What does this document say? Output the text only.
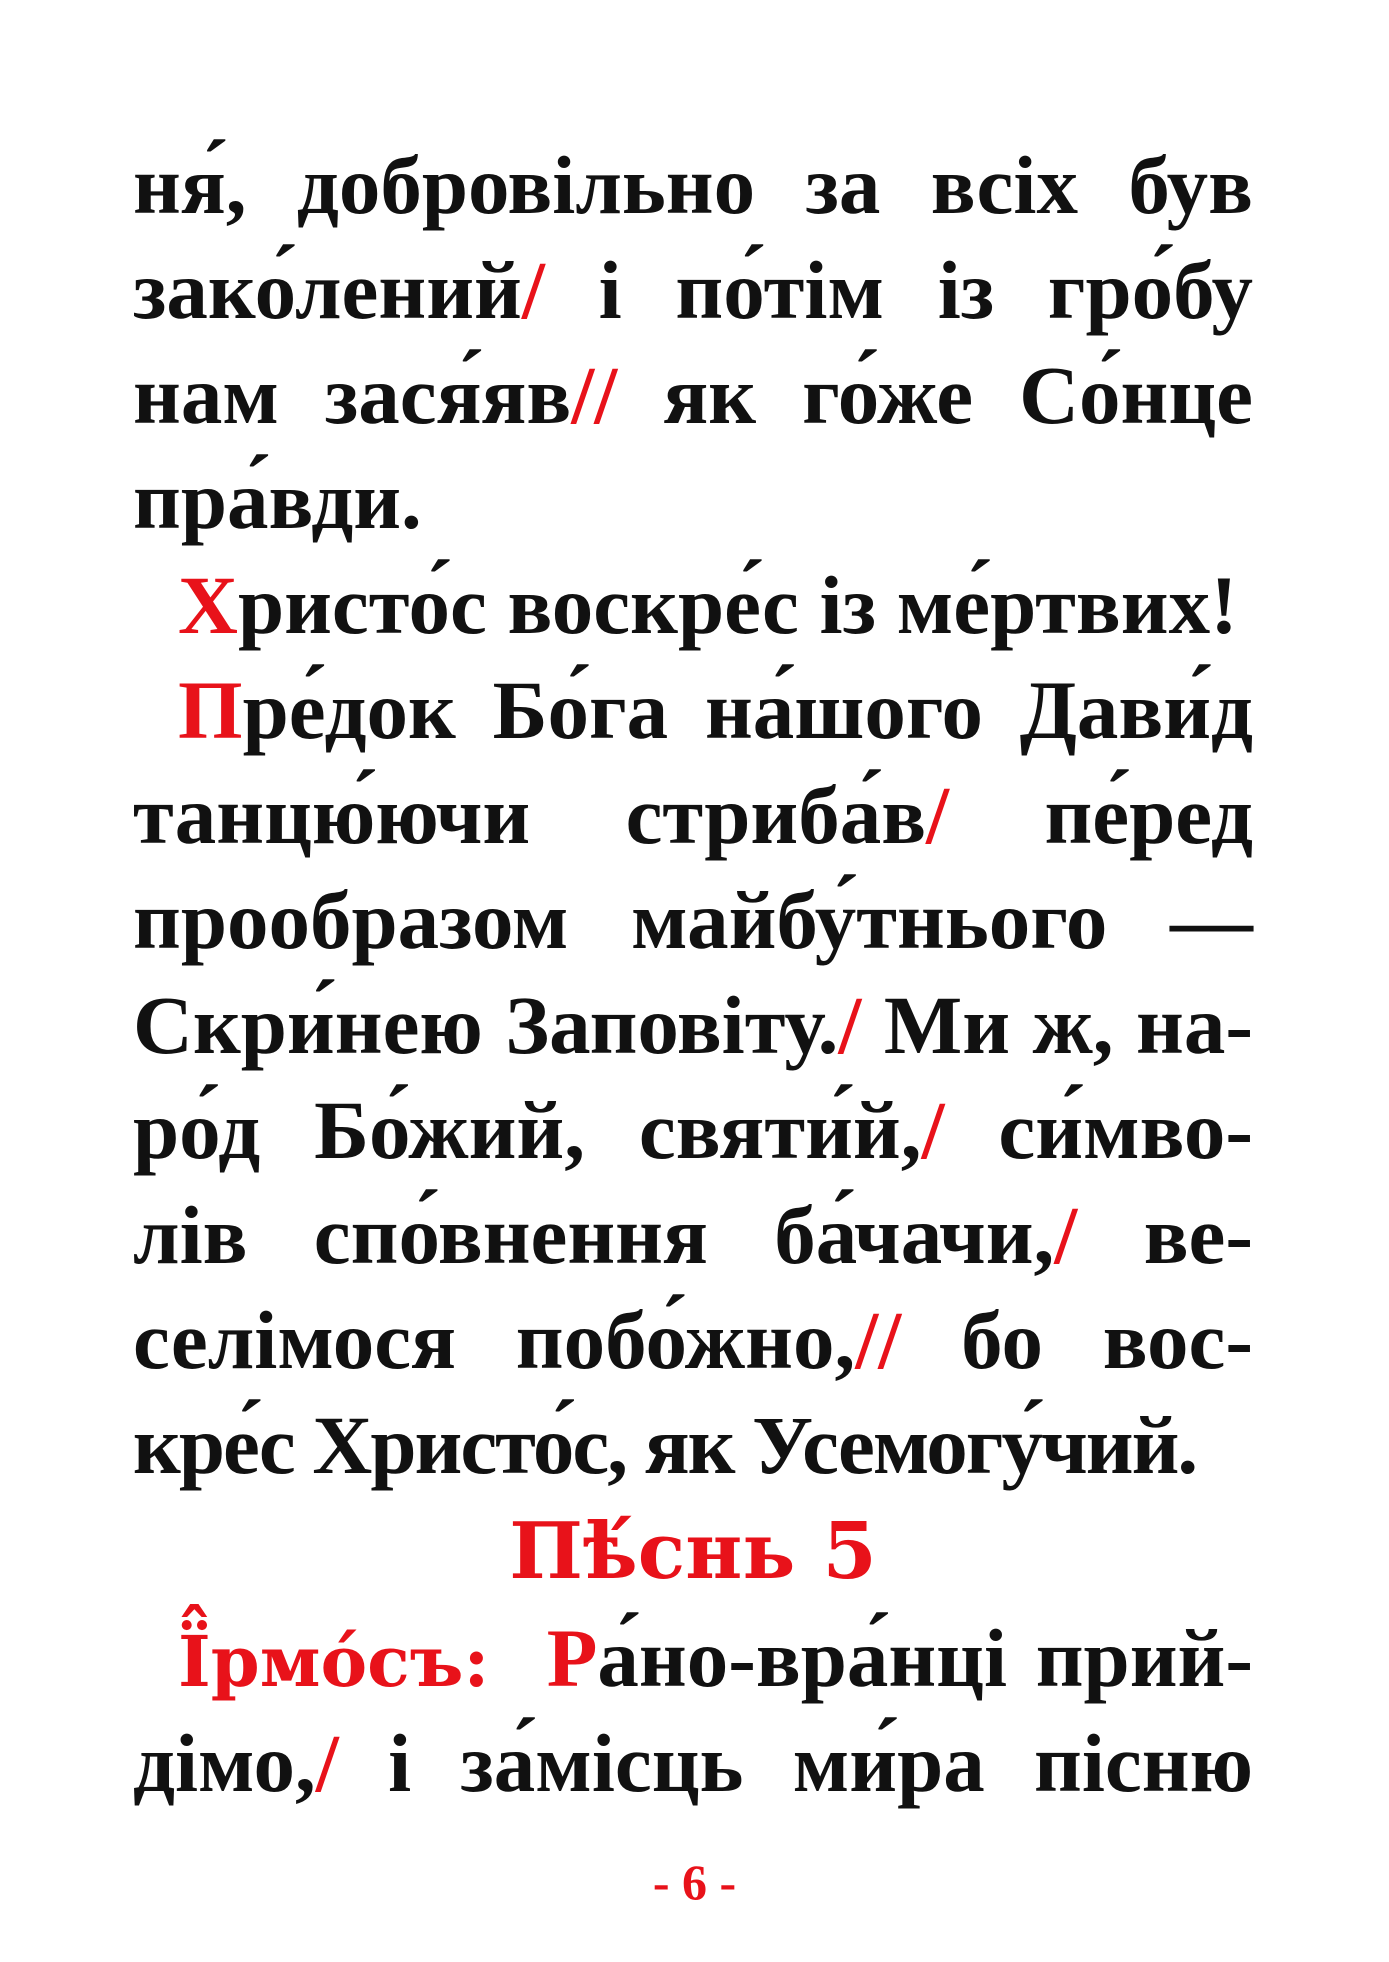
ня́, добровільно за всіх був
зако́лений/ і по́тім із гро́бу
нам зася́яв// як го́же Со́нце
пра́вди.
Христо́с воскре́с із ме́ртвих!
Пре́док Бо́га на́шого Дави́д
танцю́ючи стриба́в/ пе́ред
прообразом майбу́тнього —
Скри́нею Заповіту./ Ми ж, на-
ро́д Бо́жий, святи́й,/ си́мво-
лів спо́внення ба́чачи,/ ве-
селімося побо́жно,// бо вос-
кре́с Христо́с, як Усемогу́чий.
Пѣ́снь 5
Ї̂рмо́съ: Ра́но-вра́нці прий-
дімо,/ і за́місць ми́ра пісню
- 6 -
